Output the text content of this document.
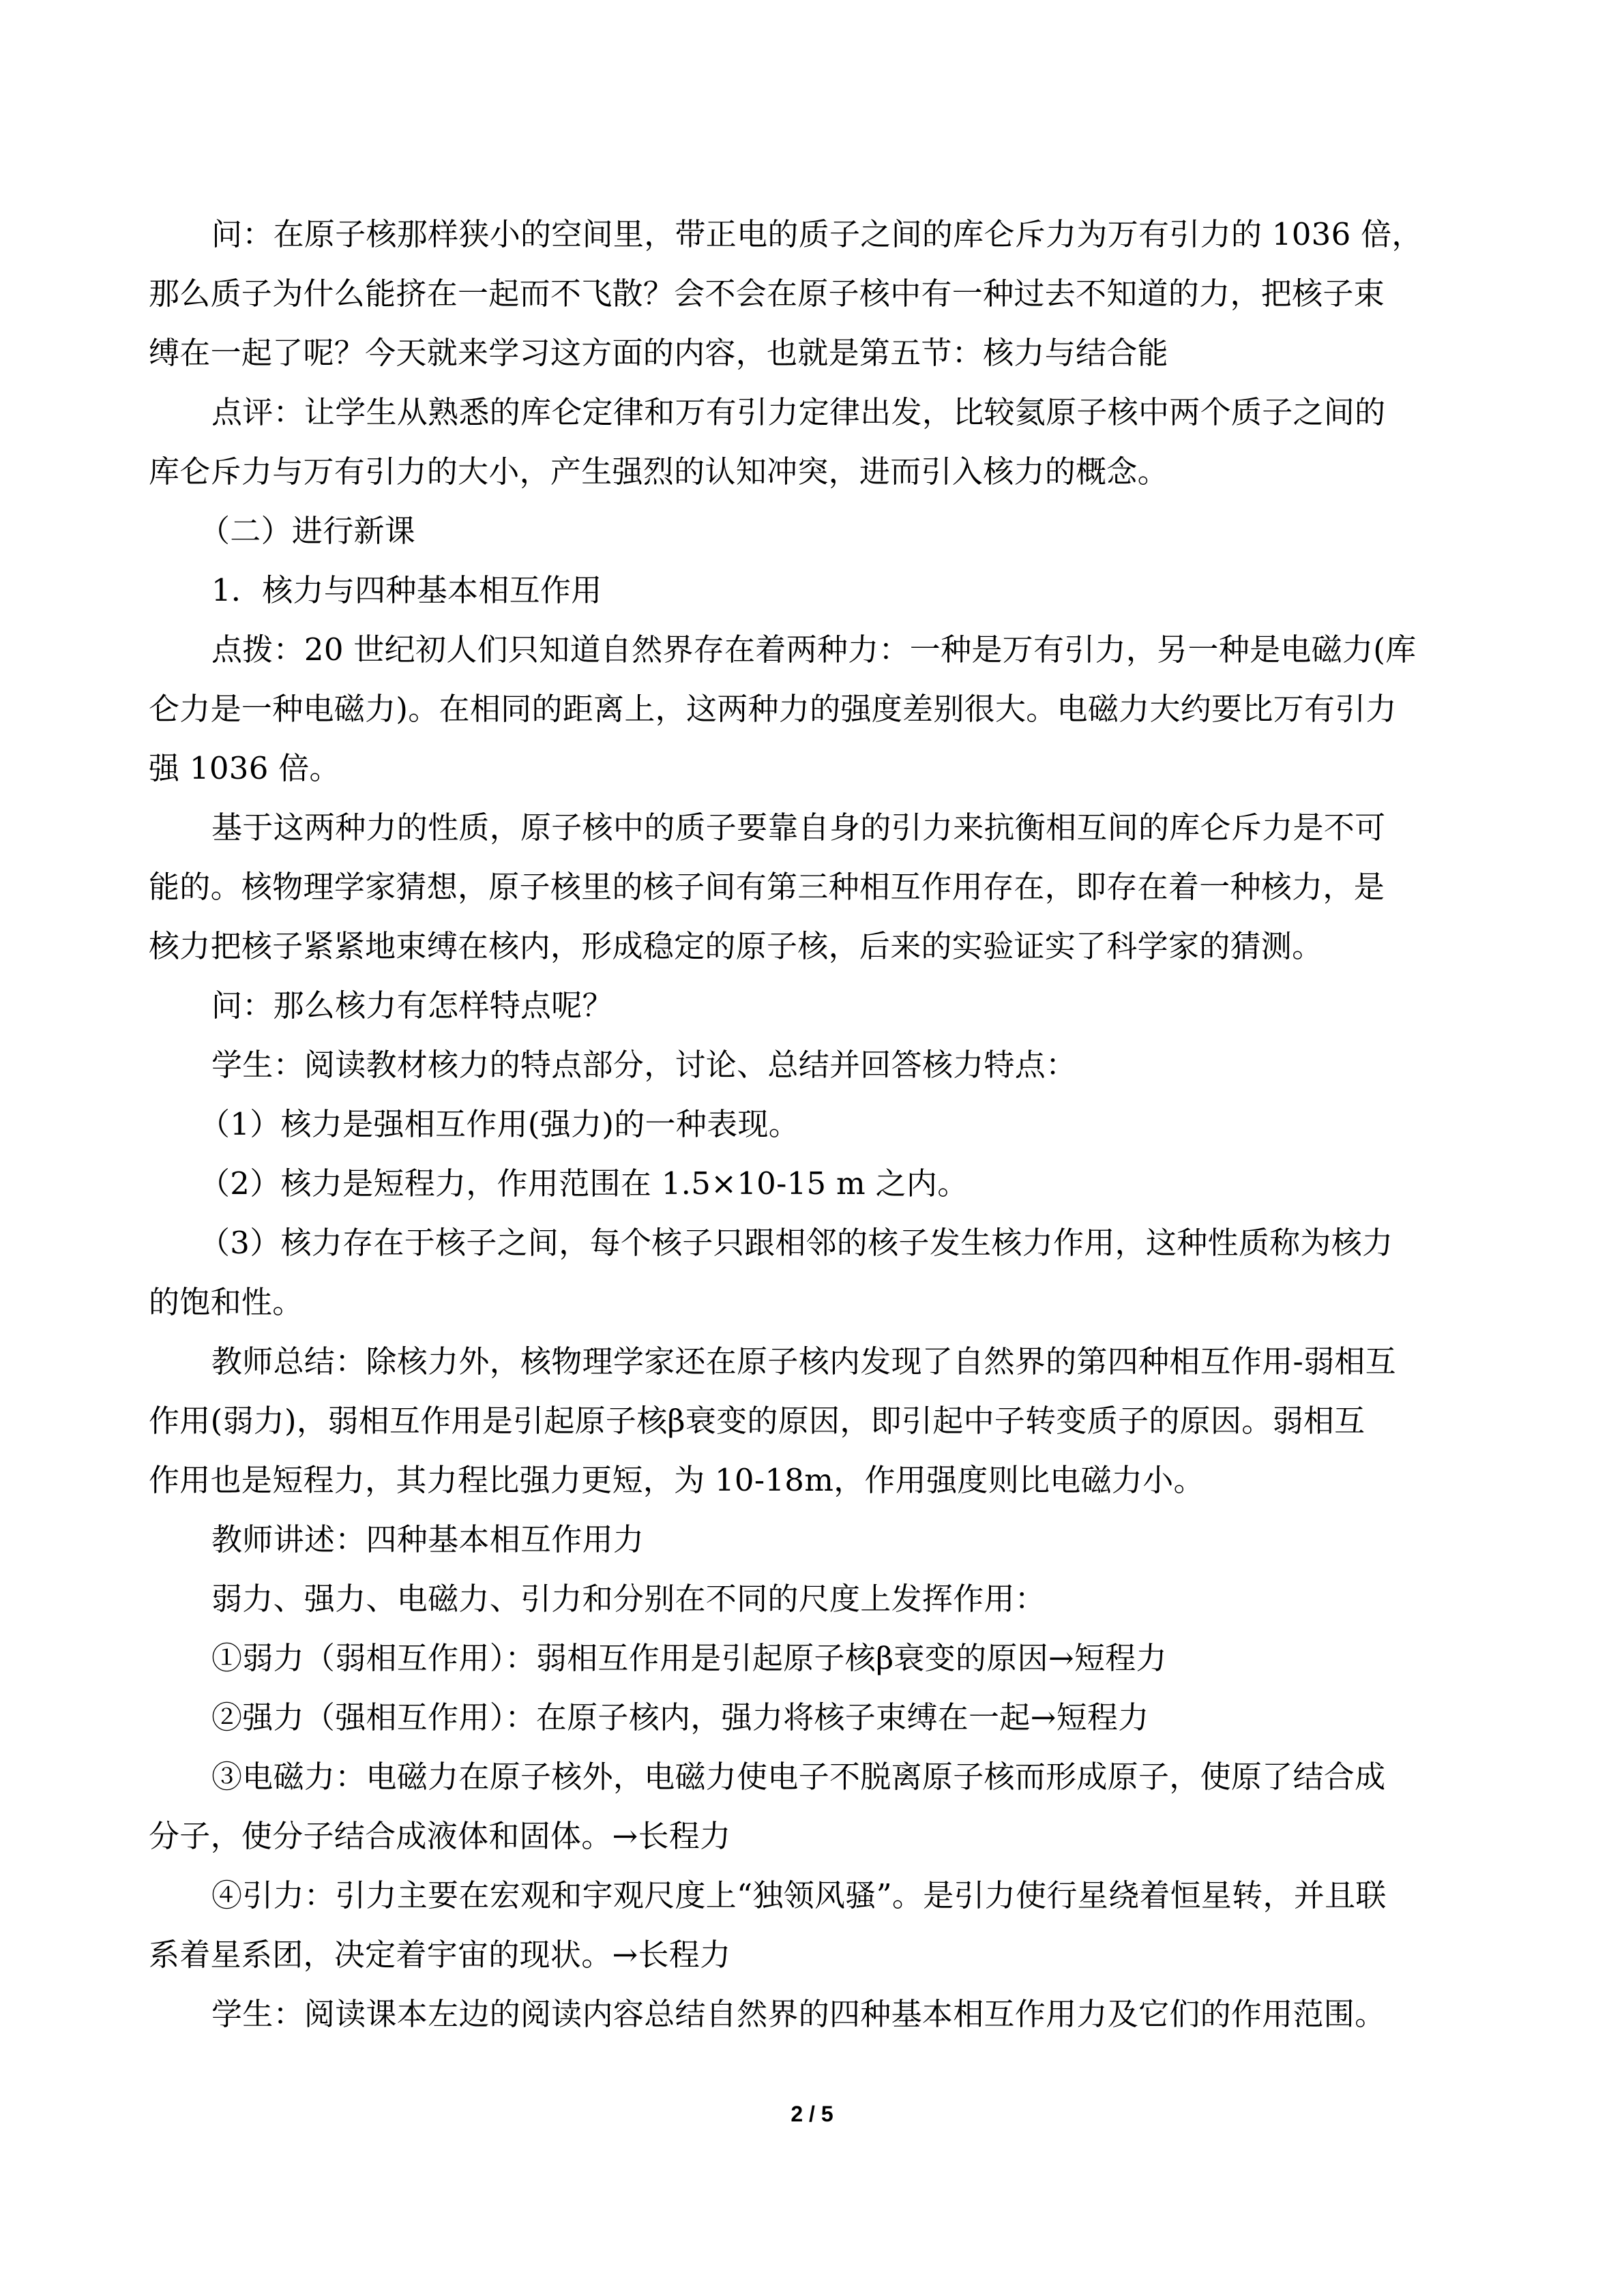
问：在原子核那样狭小的空间里，带正电的质子之间的库仑斥力为万有引力的 1036 倍，
那么质子为什么能挤在一起而不飞散？会不会在原子核中有一种过去不知道的力，把核子束
缚在一起了呢？今天就来学习这方面的内容，也就是第五节：核力与结合能
点评：让学生从熟悉的库仑定律和万有引力定律出发，比较氦原子核中两个质子之间的
库仑斥力与万有引力的大小，产生强烈的认知冲突，进而引入核力的概念。
（二）进行新课
1．核力与四种基本相互作用
点拨：20 世纪初人们只知道自然界存在着两种力：一种是万有引力，另一种是电磁力(库
仑力是一种电磁力)。在相同的距离上，这两种力的强度差别很大。电磁力大约要比万有引力
强 1036 倍。
基于这两种力的性质，原子核中的质子要靠自身的引力来抗衡相互间的库仑斥力是不可
能的。核物理学家猜想，原子核里的核子间有第三种相互作用存在，即存在着一种核力，是
核力把核子紧紧地束缚在核内，形成稳定的原子核，后来的实验证实了科学家的猜测。
问：那么核力有怎样特点呢？
学生：阅读教材核力的特点部分，讨论、总结并回答核力特点：
（1）核力是强相互作用(强力)的一种表现。
（2）核力是短程力，作用范围在 1.5×10-15 m 之内。
（3）核力存在于核子之间，每个核子只跟相邻的核子发生核力作用，这种性质称为核力
的饱和性。
教师总结：除核力外，核物理学家还在原子核内发现了自然界的第四种相互作用-弱相互
作用(弱力)，弱相互作用是引起原子核β衰变的原因，即引起中子转变质子的原因。弱相互
作用也是短程力，其力程比强力更短，为 10-18m，作用强度则比电磁力小。
教师讲述：四种基本相互作用力
弱力、强力、电磁力、引力和分别在不同的尺度上发挥作用：
①弱力（弱相互作用）：弱相互作用是引起原子核β衰变的原因→短程力
②强力（强相互作用）：在原子核内，强力将核子束缚在一起→短程力
③电磁力：电磁力在原子核外，电磁力使电子不脱离原子核而形成原子，使原了结合成
分子，使分子结合成液体和固体。→长程力
④引力：引力主要在宏观和宇观尺度上“独领风骚”。是引力使行星绕着恒星转，并且联
系着星系团，决定着宇宙的现状。→长程力
学生：阅读课本左边的阅读内容总结自然界的四种基本相互作用力及它们的作用范围。
2 / 5
